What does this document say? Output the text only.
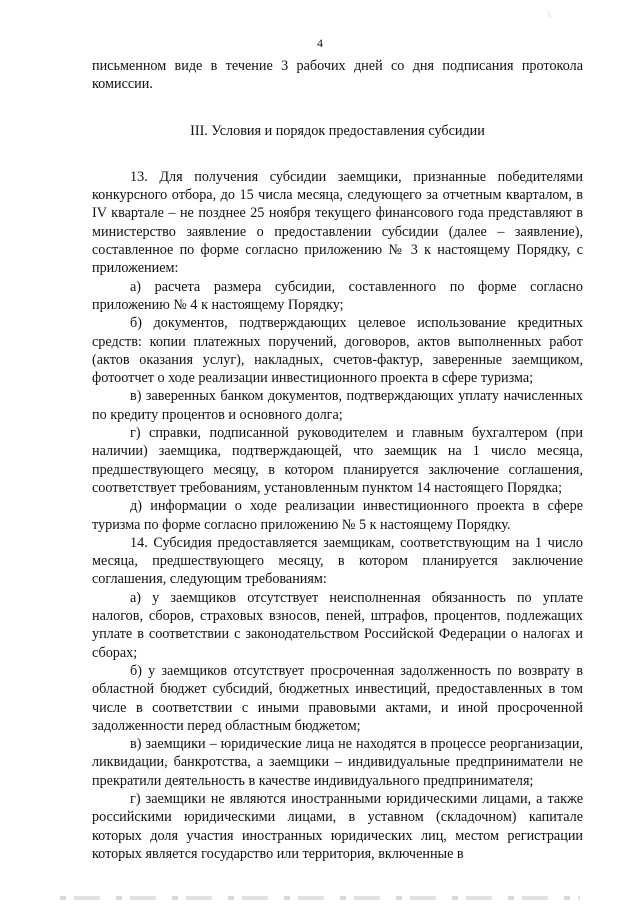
\
4

письменном виде в течение 3 рабочих дней со дня подписания протокола комиссии.

III. Условия и порядок предоставления субсидии

13. Для получения субсидии заемщики, признанные победителями конкурсного отбора, до 15 числа месяца, следующего за отчетным кварталом, в IV квартале – не позднее 25 ноября текущего финансового года представляют в министерство заявление о предоставлении субсидии (далее – заявление), составленное по форме согласно приложению № 3 к настоящему Порядку, с приложением:

а) расчета размера субсидии, составленного по форме согласно приложению № 4 к настоящему Порядку;

б) документов, подтверждающих целевое использование кредитных средств: копии платежных поручений, договоров, актов выполненных работ (актов оказания услуг), накладных, счетов-фактур, заверенные заемщиком, фотоотчет о ходе реализации инвестиционного проекта в сфере туризма;

в) заверенных банком документов, подтверждающих уплату начисленных по кредиту процентов и основного долга;

г) справки, подписанной руководителем и главным бухгалтером (при наличии) заемщика, подтверждающей, что заемщик на 1 число месяца, предшествующего месяцу, в котором планируется заключение соглашения, соответствует требованиям, установленным пунктом 14 настоящего Порядка;

д) информации о ходе реализации инвестиционного проекта в сфере туризма по форме согласно приложению № 5 к настоящему Порядку.

14. Субсидия предоставляется заемщикам, соответствующим на 1 число месяца, предшествующего месяцу, в котором планируется заключение соглашения, следующим требованиям:

а) у заемщиков отсутствует неисполненная обязанность по уплате налогов, сборов, страховых взносов, пеней, штрафов, процентов, подлежащих уплате в соответствии с законодательством Российской Федерации о налогах и сборах;

б) у заемщиков отсутствует просроченная задолженность по возврату в областной бюджет субсидий, бюджетных инвестиций, предоставленных в том числе в соответствии с иными правовыми актами, и иной просроченной задолженности перед областным бюджетом;

в) заемщики – юридические лица не находятся в процессе реорганизации, ликвидации, банкротства, а заемщики – индивидуальные предприниматели не прекратили деятельность в качестве индивидуального предпринимателя;

г) заемщики не являются иностранными юридическими лицами, а также российскими юридическими лицами, в уставном (складочном) капитале которых доля участия иностранных юридических лиц, местом регистрации которых является государство или территория, включенные в
